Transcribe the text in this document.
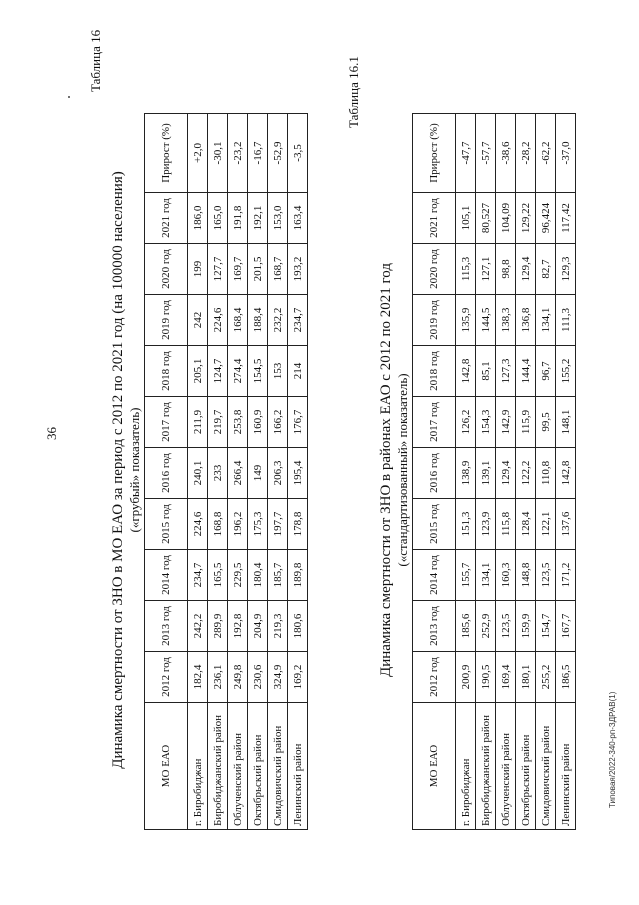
36	Динамика смертности от ЗНО в МО ЕАО за период с 2012 по 2021 год (на 100000 населения) («грубый» показатель)
МО ЕАО	2012 год	2013 год	2014 год	2015 год	2016 год	2017 год	2018 год	2019 год	2020 год	2021 год	Прирост (%)
г. Биробиджан	182,4	242,2	234,7	224,6	240,1	211,9	205,1	242	199	186,0	+2,0
Биробиджанский район	236,1	289,9	165,5	168,8	233	219,7	124,7	224,6	127,7	165,0	-30,1
Облученский район	249,8	192,8	229,5	196,2	266,4	253,8	274,4	168,4	169,7	191,8	-23,2
Октябрьский район	230,6	204,9	180,4	175,3	149	160,9	154,5	188,4	201,5	192,1	-16,7
Смидовичский район	324,9	219,3	185,7	197,7	206,3	166,2	153	232,2	168,7	153,0	-52,9
Ленинский район	169,2	180,6	189,8	178,8	195,4	176,7	214	234,7	193,2	163,4	-3,5
Таблица 16
Динамика смертности от ЗНО в районах ЕАО с 2012 по 2021 год («стандартизованный» показатель)
МО ЕАО	2012 год	2013 год	2014 год	2015 год	2016 год	2017 год	2018 год	2019 год	2020 год	2021 год	Прирост (%)
г. Биробиджан	200,9	185,6	155,7	151,3	138,9	126,2	142,8	135,9	115,3	105,1	-47,7
Биробиджанский район	190,5	252,9	134,1	123,9	139,1	154,3	85,1	144,5	127,1	80,527	-57,7
Облученский район	169,4	123,5	160,3	115,8	129,4	142,9	127,3	138,3	98,8	104,09	-38,6
Октябрьский район	180,1	159,9	148,8	128,4	122,2	115,9	144,4	136,8	129,4	129,22	-28,2
Смидовичский район	255,2	154,7	123,5	122,1	110,8	99,5	96,7	134,1	82,7	96,424	-62,2
Ленинский район	186,5	167,7	171,2	137,6	142,8	148,1	155,2	111,3	129,3	117,42	-37,0
Таблица 16.1
Типовая/2022-340-рп-ЗДРАВ(1)
